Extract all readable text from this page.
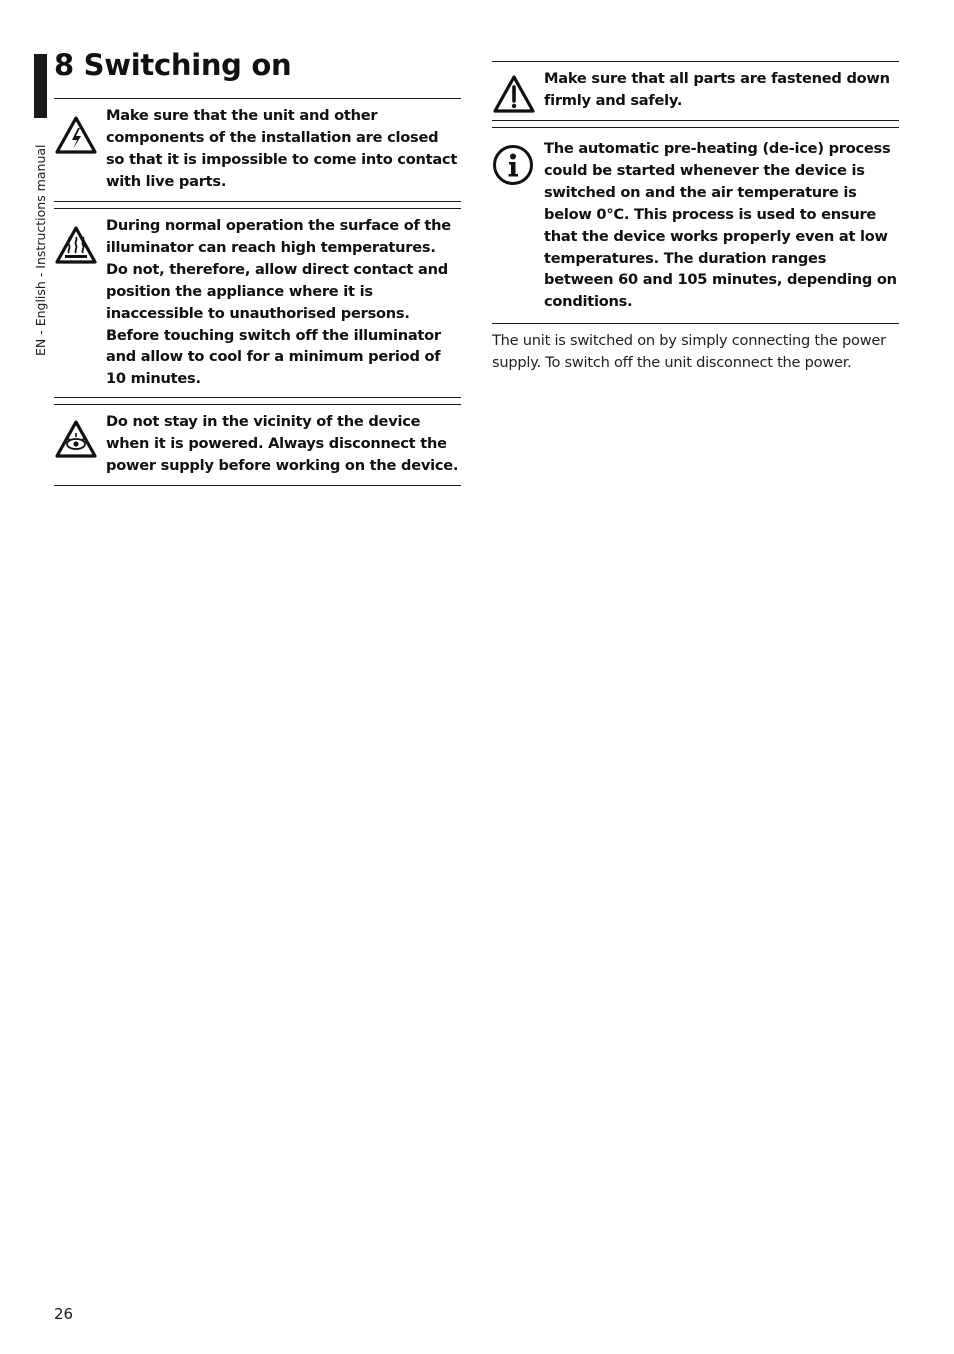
EN - English - Instructions manual
8 Switching on
Make sure that the unit and other components of the installation are closed so that it is impossible to come into contact with live parts.
During normal operation the surface of the illuminator can reach high temperatures. Do not, therefore, allow direct contact and position the appliance where it is inaccessible to unauthorised persons. Before touching switch off the illuminator and allow to cool for a minimum period of 10 minutes.
Do not stay in the vicinity of the device when it is powered. Always disconnect the power supply before working on the device.
Make sure that all parts are fastened down firmly and safely.
The automatic pre-heating (de-ice) process could be started whenever the device is switched on and the air temperature is below 0°C. This process is used to ensure that the device works properly even at low temperatures. The duration ranges between 60 and 105 minutes, depending on conditions.

The unit is switched on by simply connecting the power supply. To switch off the unit disconnect the power.

26
